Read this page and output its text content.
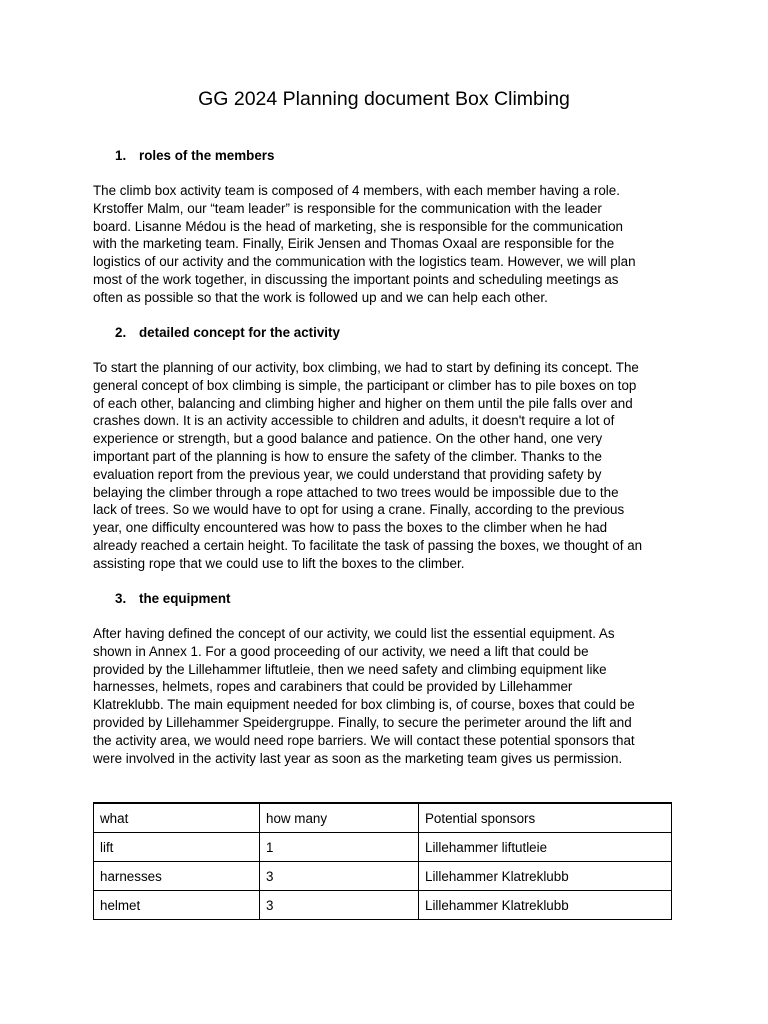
GG 2024 Planning document Box Climbing
1. roles of the members
The climb box activity team is composed of 4 members, with each member having a role.
Krstoffer Malm, our “team leader” is responsible for the communication with the leader
board. Lisanne Médou is the head of marketing, she is responsible for the communication
with the marketing team. Finally, Eirik Jensen and Thomas Oxaal are responsible for the
logistics of our activity and the communication with the logistics team. However, we will plan
most of the work together, in discussing the important points and scheduling meetings as
often as possible so that the work is followed up and we can help each other.
2. detailed concept for the activity
To start the planning of our activity, box climbing, we had to start by defining its concept. The
general concept of box climbing is simple, the participant or climber has to pile boxes on top
of each other, balancing and climbing higher and higher on them until the pile falls over and
crashes down. It is an activity accessible to children and adults, it doesn't require a lot of
experience or strength, but a good balance and patience. On the other hand, one very
important part of the planning is how to ensure the safety of the climber. Thanks to the
evaluation report from the previous year, we could understand that providing safety by
belaying the climber through a rope attached to two trees would be impossible due to the
lack of trees. So we would have to opt for using a crane. Finally, according to the previous
year, one difficulty encountered was how to pass the boxes to the climber when he had
already reached a certain height. To facilitate the task of passing the boxes, we thought of an
assisting rope that we could use to lift the boxes to the climber.
3. the equipment
After having defined the concept of our activity, we could list the essential equipment. As
shown in Annex 1. For a good proceeding of our activity, we need a lift that could be
provided by the Lillehammer liftutleie, then we need safety and climbing equipment like
harnesses, helmets, ropes and carabiners that could be provided by Lillehammer
Klatreklubb. The main equipment needed for box climbing is, of course, boxes that could be
provided by Lillehammer Speidergruppe. Finally, to secure the perimeter around the lift and
the activity area, we would need rope barriers. We will contact these potential sponsors that
were involved in the activity last year as soon as the marketing team gives us permission.
what	how many	Potential sponsors
lift	1	Lillehammer liftutleie
harnesses	3	Lillehammer Klatreklubb
helmet	3	Lillehammer Klatreklubb
